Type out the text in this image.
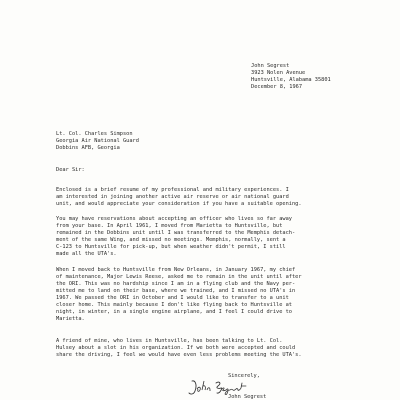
John Segrest
3923 Nolen Avenue
Huntsville, Alabama 35801
December 8, 1967
Lt. Col. Charles Simpson
Georgia Air National Guard
Dobbins AFB, Georgia
Dear Sir:
Enclosed is a brief resume of my professional and military experiences. I
am interested in joining another active air reserve or air national guard
unit, and would appreciate your consideration if you have a suitable opening.
You may have reservations about accepting an officer who lives so far away
from your base. In April 1961, I moved from Marietta to Huntsville, but
remained in the Dobbins unit until I was transferred to the Memphis detach-
ment of the same Wing, and missed no meetings. Memphis, normally, sent a
C-123 to Huntsville for pick-up, but when weather didn't permit, I still
made all the UTA's.
When I moved back to Huntsville from New Orleans, in January 1967, my chief
of maintenance, Major Lewis Reese, asked me to remain in the unit until after
the ORI. This was no hardship since I am in a flying club and the Navy per-
mitted me to land on their base, where we trained, and I missed no UTA's in
1967. We passed the ORI in October and I would like to transfer to a unit
closer home. This mainly because I don't like flying back to Huntsville at
night, in winter, in a single engine airplane, and I feel I could drive to
Marietta.
A friend of mine, who lives in Huntsville, has been talking to Lt. Col.
Hulsey about a slot in his organization. If we both were accepted and could
share the driving, I feel we would have even less problems meeting the UTA's.
Sincerely,
John Segrest
